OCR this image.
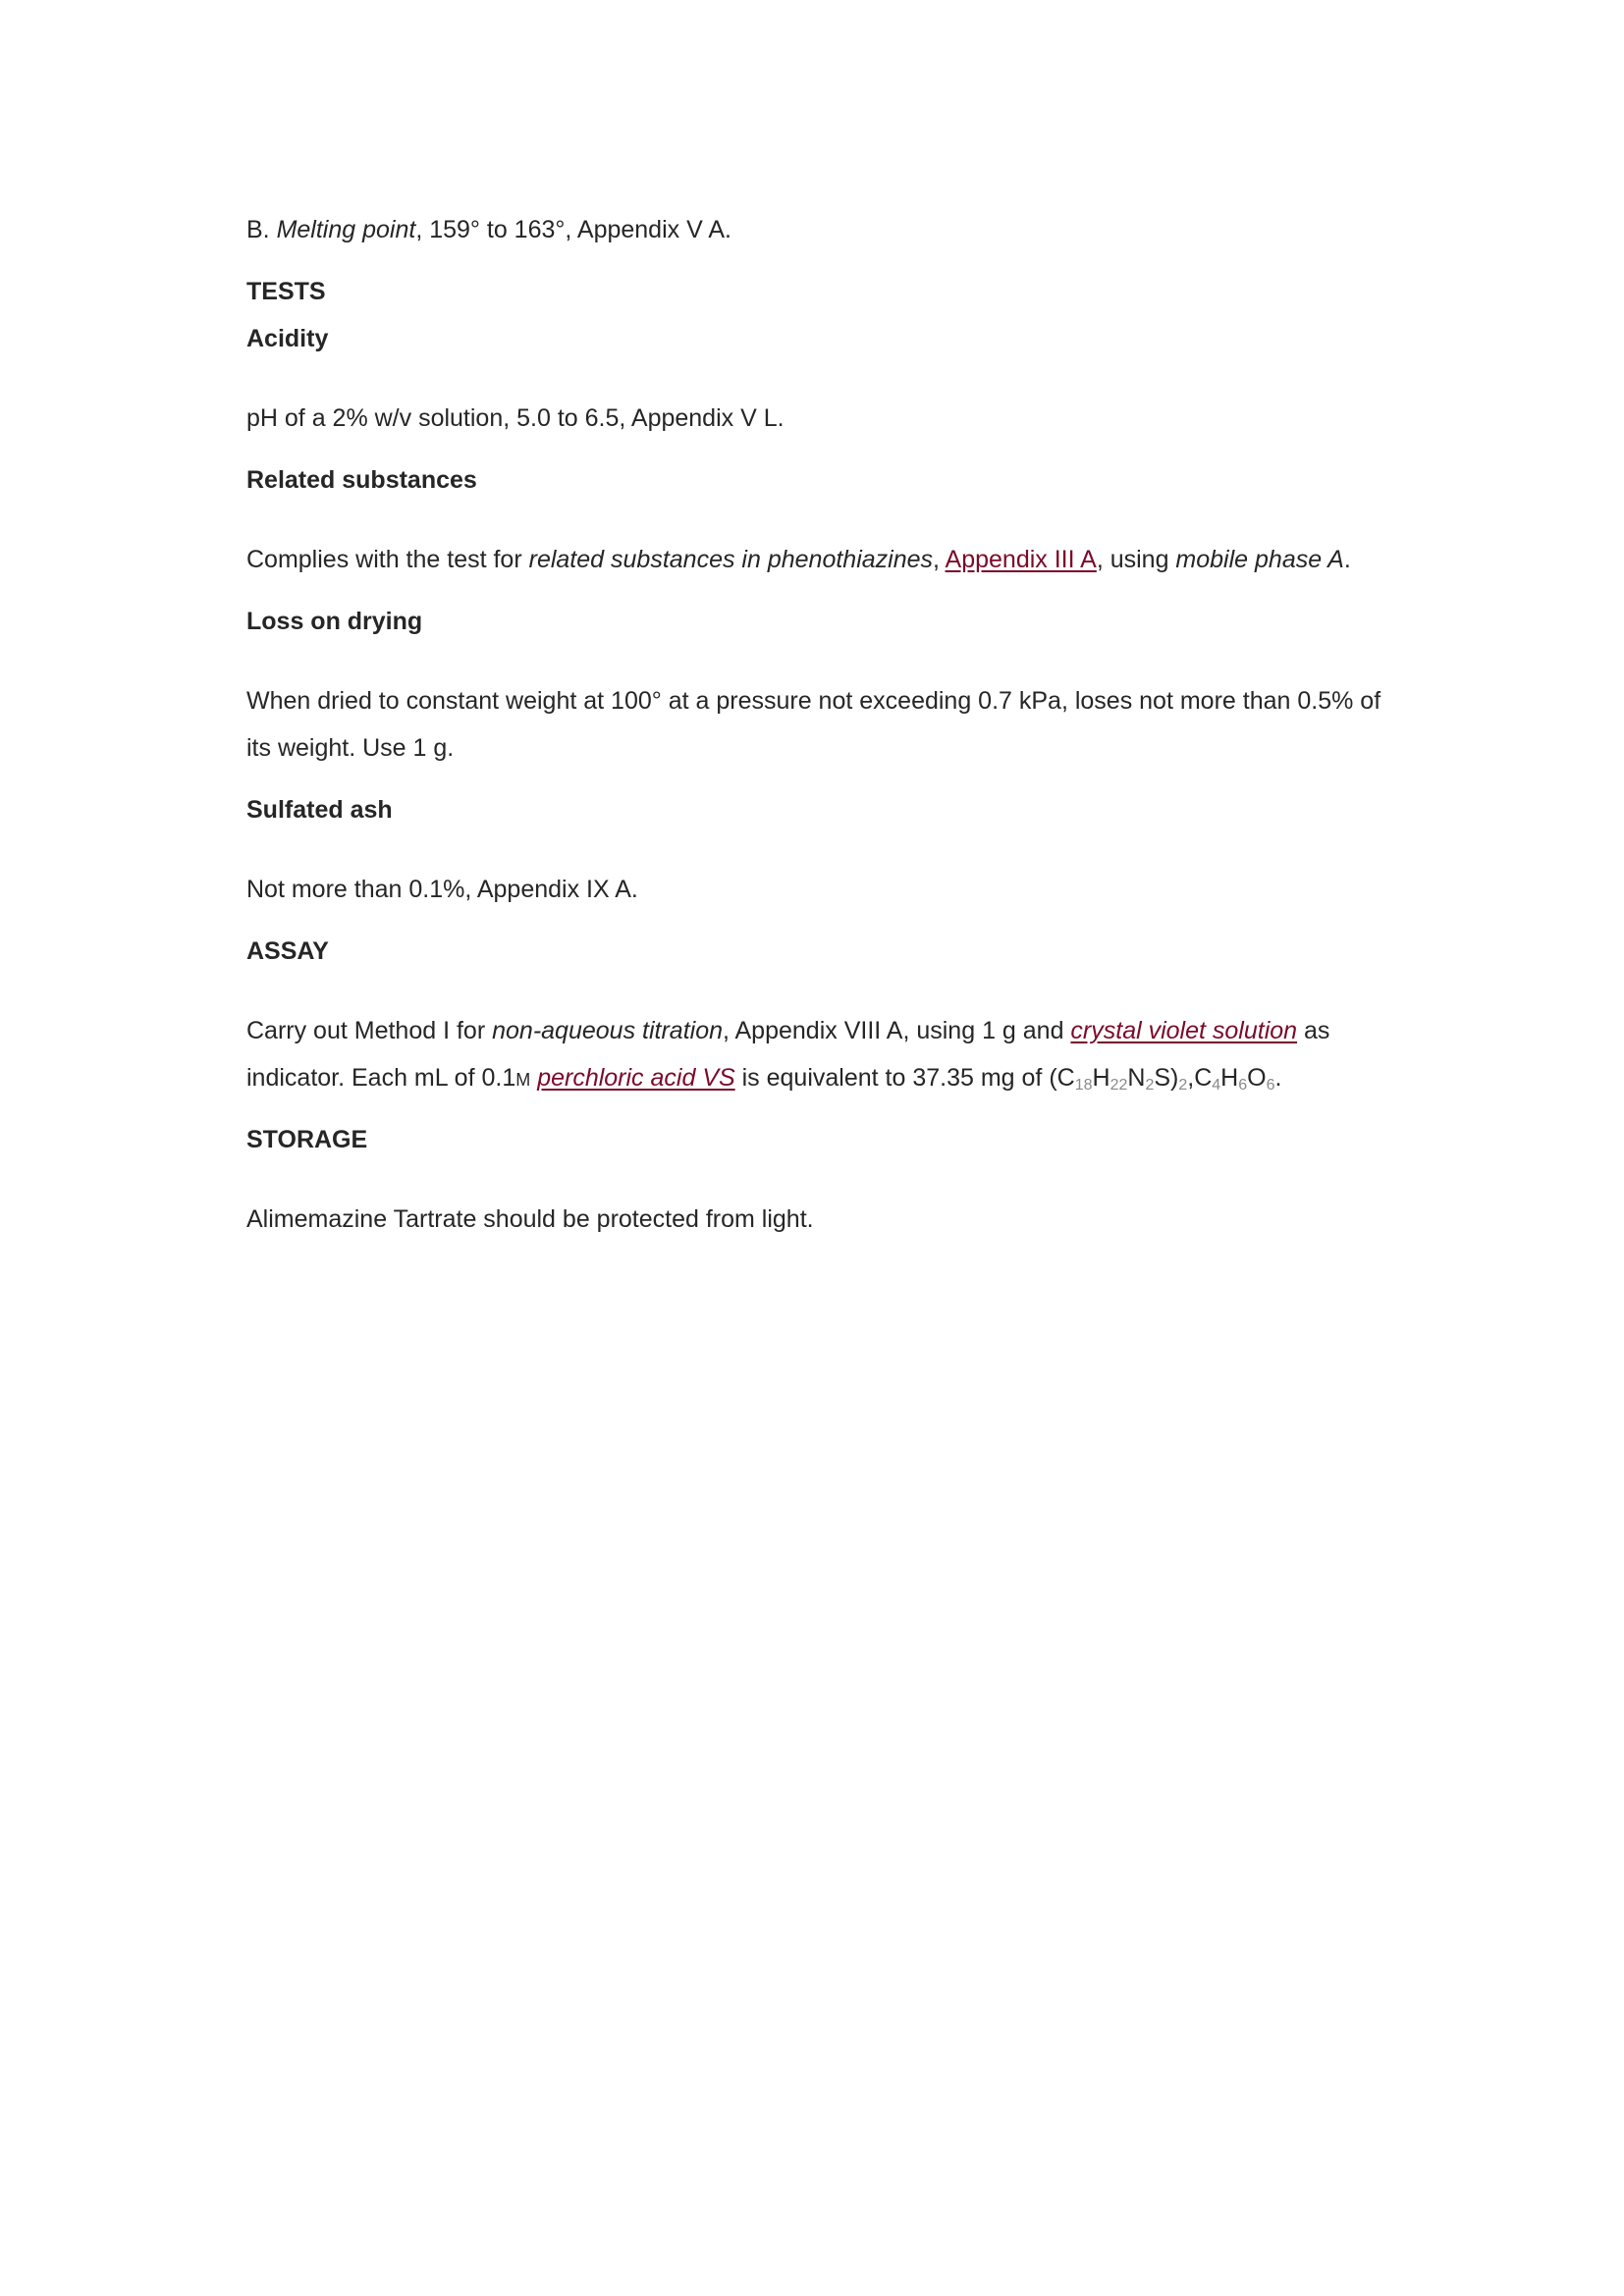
B. Melting point, 159° to 163°, Appendix V A.
TESTS
Acidity
pH of a 2% w/v solution, 5.0 to 6.5, Appendix V L.
Related substances
Complies with the test for related substances in phenothiazines, Appendix III A, using mobile phase A.
Loss on drying
When dried to constant weight at 100° at a pressure not exceeding 0.7 kPa, loses not more than 0.5% of its weight. Use 1 g.
Sulfated ash
Not more than 0.1%, Appendix IX A.
ASSAY
Carry out Method I for non-aqueous titration, Appendix VIII A, using 1 g and crystal violet solution as indicator. Each mL of 0.1M perchloric acid VS is equivalent to 37.35 mg of $(C_{18}H_{22}N_2S)_2,C_4H_6O_6$.
STORAGE
Alimemazine Tartrate should be protected from light.
